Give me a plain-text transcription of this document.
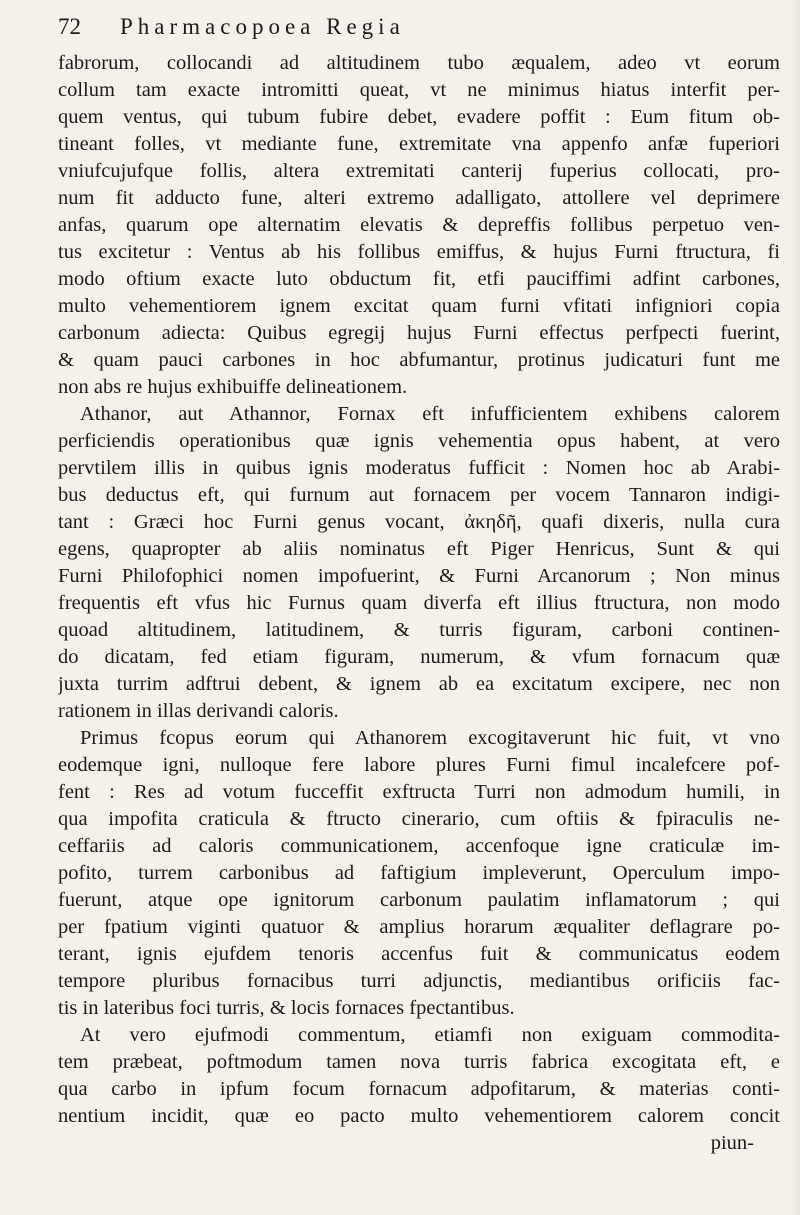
72	Pharmacopoea Regia
fabrorum, collocandi ad altitudinem tubo æqualem, adeo vt eorum
collum tam exacte intromitti queat, vt ne minimus hiatus interfit per-
quem ventus, qui tubum fubire debet, evadere poffit : Eum fitum ob-
tineant folles, vt mediante fune, extremitate vna appenfo anfæ fuperiori
vniufcujufque follis, altera extremitati canterij fuperius collocati, pro-
num fit adducto fune, alteri extremo adalligato, attollere vel deprimere
anfas, quarum ope alternatim elevatis & depreffis follibus perpetuo ven-
tus excitetur : Ventus ab his follibus emiffus, & hujus Furni ftructura, fi
modo oftium exacte luto obductum fit, etfi pauciffimi adfint carbones,
multo vehementiorem ignem excitat quam furni vfitati infigniori copia
carbonum adiecta: Quibus egregij hujus Furni effectus perfpecti fuerint,
& quam pauci carbones in hoc abfumantur, protinus judicaturi funt me
non abs re hujus exhibuiffe delineationem.
Athanor, aut Athannor, Fornax eft infufficientem exhibens calorem
perficiendis operationibus quæ ignis vehementia opus habent, at vero
pervtilem illis in quibus ignis moderatus fufficit : Nomen hoc ab Arabi-
bus deductus eft, qui furnum aut fornacem per vocem Tannaron indigi-
tant : Græci hoc Furni genus vocant, ἀκηδῆ, quafi dixeris, nulla cura
egens, quapropter ab aliis nominatus eft Piger Henricus, Sunt & qui
Furni Philofophici nomen impofuerint, & Furni Arcanorum ; Non minus
frequentis eft vfus hic Furnus quam diverfa eft illius ftructura, non modo
quoad altitudinem, latitudinem, & turris figuram, carboni continen-
do dicatam, fed etiam figuram, numerum, & vfum fornacum quæ
juxta turrim adftrui debent, & ignem ab ea excitatum excipere, nec non
rationem in illas derivandi caloris.
Primus fcopus eorum qui Athanorem excogitaverunt hic fuit, vt vno
eodemque igni, nulloque fere labore plures Furni fimul incalefcere pof-
fent : Res ad votum fucceffit exftructa Turri non admodum humili, in
qua impofita craticula & ftructo cinerario, cum oftiis & fpiraculis ne-
ceffariis ad caloris communicationem, accenfoque igne craticulæ im-
pofito, turrem carbonibus ad faftigium impleverunt, Operculum impo-
fuerunt, atque ope ignitorum carbonum paulatim inflamatorum ; qui
per fpatium viginti quatuor & amplius horarum æqualiter deflagrare po-
terant, ignis ejufdem tenoris accenfus fuit & communicatus eodem
tempore pluribus fornacibus turri adjunctis, mediantibus orificiis fac-
tis in lateribus foci turris, & locis fornaces fpectantibus.
At vero ejufmodi commentum, etiamfi non exiguam commodita-
tem præbeat, poftmodum tamen nova turris fabrica excogitata eft, e
qua carbo in ipfum focum fornacum adpofitarum, & materias conti-
nentium incidit, quæ eo pacto multo vehementiorem calorem concit
piun-
